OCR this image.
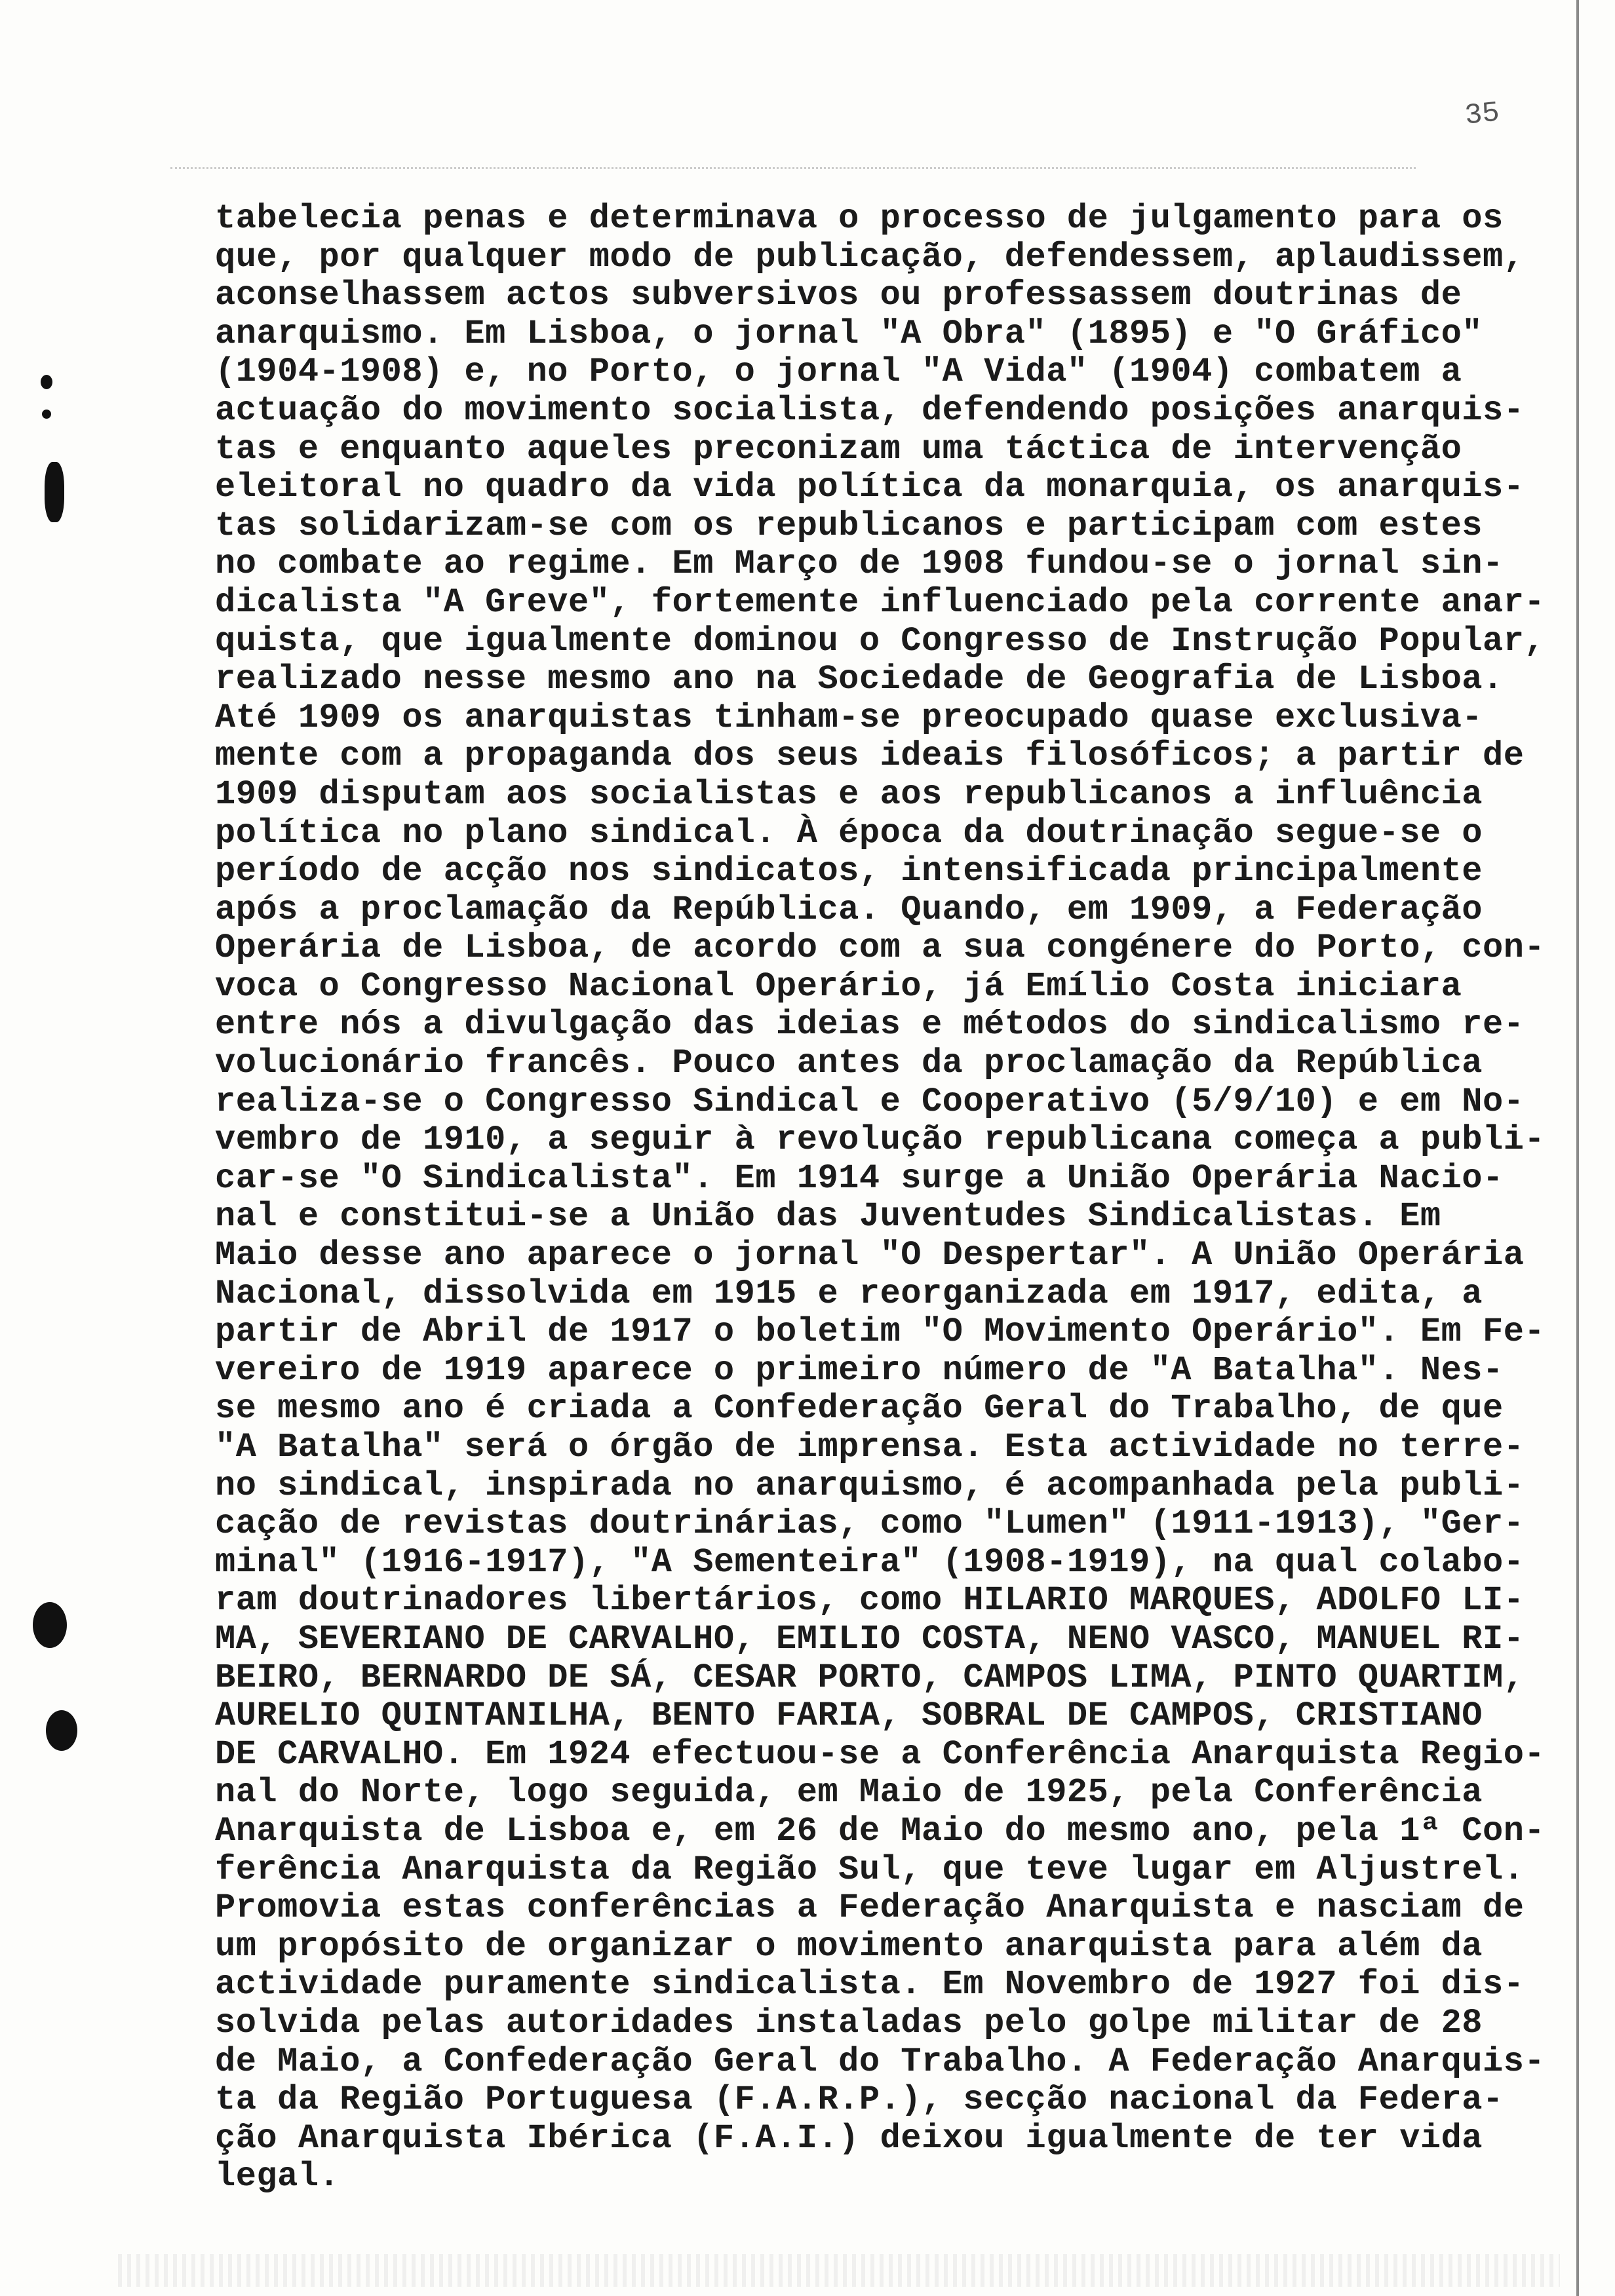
35
tabelecia penas e determinava o processo de julgamento para os
que, por qualquer modo de publicação, defendessem, aplaudissem,
aconselhassem actos subversivos ou professassem doutrinas de
anarquismo. Em Lisboa, o jornal "A Obra" (1895) e "O Gráfico"
(1904-1908) e, no Porto, o jornal "A Vida" (1904) combatem a
actuação do movimento socialista, defendendo posições anarquis-
tas e enquanto aqueles preconizam uma táctica de intervenção
eleitoral no quadro da vida política da monarquia, os anarquis-
tas solidarizam-se com os republicanos e participam com estes
no combate ao regime. Em Março de 1908 fundou-se o jornal sin-
dicalista "A Greve", fortemente influenciado pela corrente anar-
quista, que igualmente dominou o Congresso de Instrução Popular,
realizado nesse mesmo ano na Sociedade de Geografia de Lisboa.
Até 1909 os anarquistas tinham-se preocupado quase exclusiva-
mente com a propaganda dos seus ideais filosóficos; a partir de
1909 disputam aos socialistas e aos republicanos a influência
política no plano sindical. À época da doutrinação segue-se o
período de acção nos sindicatos, intensificada principalmente
após a proclamação da República. Quando, em 1909, a Federação
Operária de Lisboa, de acordo com a sua congénere do Porto, con-
voca o Congresso Nacional Operário, já Emílio Costa iniciara
entre nós a divulgação das ideias e métodos do sindicalismo re-
volucionário francês. Pouco antes da proclamação da República
realiza-se o Congresso Sindical e Cooperativo (5/9/10) e em No-
vembro de 1910, a seguir à revolução republicana começa a publi-
car-se "O Sindicalista". Em 1914 surge a União Operária Nacio-
nal e constitui-se a União das Juventudes Sindicalistas. Em
Maio desse ano aparece o jornal "O Despertar". A União Operária
Nacional, dissolvida em 1915 e reorganizada em 1917, edita, a
partir de Abril de 1917 o boletim "O Movimento Operário". Em Fe-
vereiro de 1919 aparece o primeiro número de "A Batalha". Nes-
se mesmo ano é criada a Confederação Geral do Trabalho, de que
"A Batalha" será o órgão de imprensa. Esta actividade no terre-
no sindical, inspirada no anarquismo, é acompanhada pela publi-
cação de revistas doutrinárias, como "Lumen" (1911-1913), "Ger-
minal" (1916-1917), "A Sementeira" (1908-1919), na qual colabo-
ram doutrinadores libertários, como HILARIO MARQUES, ADOLFO LI-
MA, SEVERIANO DE CARVALHO, EMILIO COSTA, NENO VASCO, MANUEL RI-
BEIRO, BERNARDO DE SÁ, CESAR PORTO, CAMPOS LIMA, PINTO QUARTIM,
AURELIO QUINTANILHA, BENTO FARIA, SOBRAL DE CAMPOS, CRISTIANO
DE CARVALHO. Em 1924 efectuou-se a Conferência Anarquista Regio-
nal do Norte, logo seguida, em Maio de 1925, pela Conferência
Anarquista de Lisboa e, em 26 de Maio do mesmo ano, pela 1ª Con-
ferência Anarquista da Região Sul, que teve lugar em Aljustrel.
Promovia estas conferências a Federação Anarquista e nasciam de
um propósito de organizar o movimento anarquista para além da
actividade puramente sindicalista. Em Novembro de 1927 foi dis-
solvida pelas autoridades instaladas pelo golpe militar de 28
de Maio, a Confederação Geral do Trabalho. A Federação Anarquis-
ta da Região Portuguesa (F.A.R.P.), secção nacional da Federa-
ção Anarquista Ibérica (F.A.I.) deixou igualmente de ter vida
legal.
